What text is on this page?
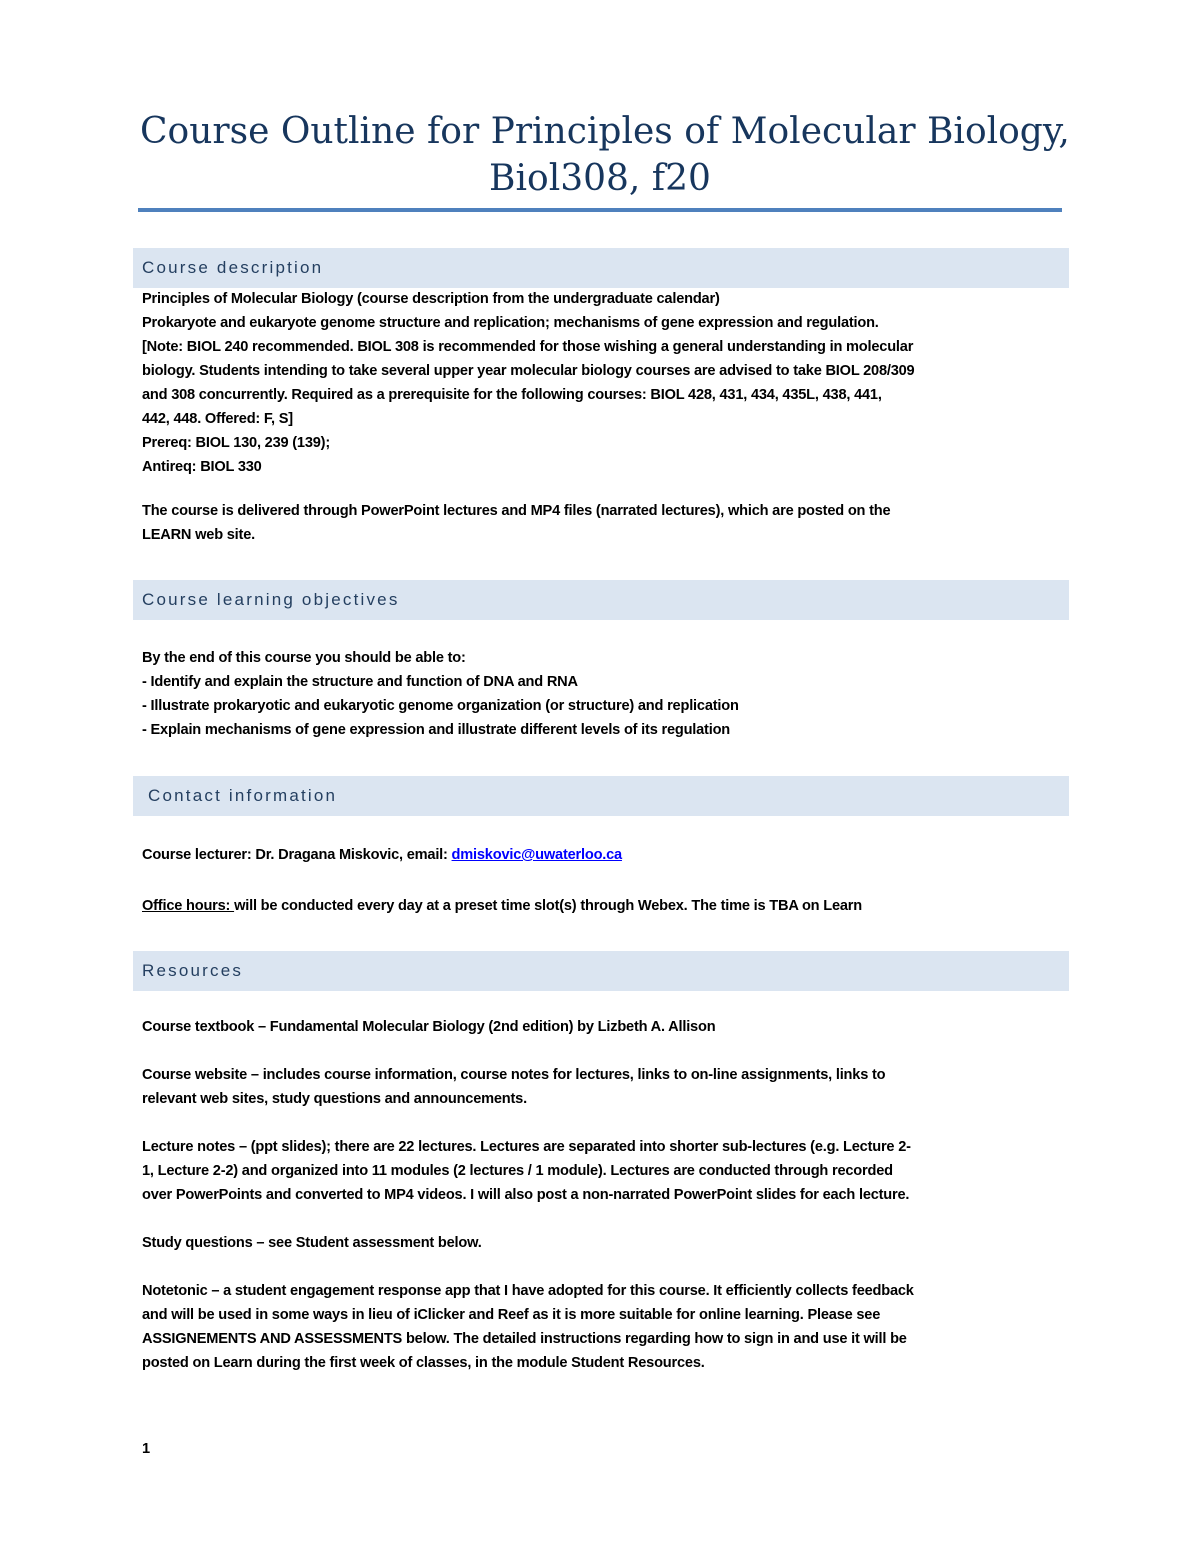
Course Outline for Principles of Molecular Biology,
Biol308, f20
Course description
Principles of Molecular Biology (course description from the undergraduate calendar)
Prokaryote and eukaryote genome structure and replication; mechanisms of gene expression and regulation.
[Note: BIOL 240 recommended. BIOL 308 is recommended for those wishing a general understanding in molecular
biology. Students intending to take several upper year molecular biology courses are advised to take BIOL 208/309
and 308 concurrently. Required as a prerequisite for the following courses: BIOL 428, 431, 434, 435L, 438, 441,
442, 448. Offered: F, S]
Prereq: BIOL 130, 239 (139);
Antireq: BIOL 330
The course is delivered through PowerPoint lectures and MP4 files (narrated lectures), which are posted on the
LEARN web site.
Course learning objectives
By the end of this course you should be able to:
- Identify and explain the structure and function of DNA and RNA
- Illustrate prokaryotic and eukaryotic genome organization (or structure) and replication
- Explain mechanisms of gene expression and illustrate different levels of its regulation
Contact information
Course lecturer: Dr. Dragana Miskovic, email: dmiskovic@uwaterloo.ca
Office hours: will be conducted every day at a preset time slot(s) through Webex. The time is TBA on Learn
Resources
Course textbook – Fundamental Molecular Biology (2nd edition) by Lizbeth A. Allison
Course website – includes course information, course notes for lectures, links to on-line assignments, links to
relevant web sites, study questions and announcements.
Lecture notes – (ppt slides); there are 22 lectures. Lectures are separated into shorter sub-lectures (e.g. Lecture 2-
1, Lecture 2-2) and organized into 11 modules (2 lectures / 1 module). Lectures are conducted through recorded
over PowerPoints and converted to MP4 videos. I will also post a non-narrated PowerPoint slides for each lecture.
Study questions – see Student assessment below.
Notetonic – a student engagement response app that I have adopted for this course. It efficiently collects feedback
and will be used in some ways in lieu of iClicker and Reef as it is more suitable for online learning. Please see
ASSIGNEMENTS AND ASSESSMENTS below. The detailed instructions regarding how to sign in and use it will be
posted on Learn during the first week of classes, in the module Student Resources.
1
